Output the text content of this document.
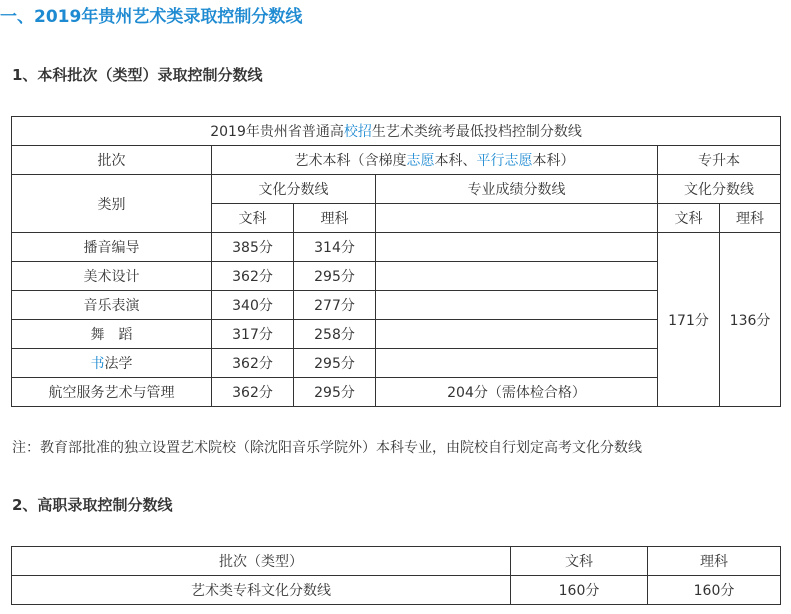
一、2019年贵州艺术类录取控制分数线
1、本科批次（类型）录取控制分数线
2019年贵州省普通高校招生艺术类统考最低投档控制分数线					
批次	艺术本科（含梯度志愿本科、平行志愿本科）			专升本	
类别	文化分数线		专业成绩分数线	文化分数线	
	文科	理科		文科	理科
播音编导	385分	314分		171分	136分
美术设计	362分	295分			
音乐表演	340分	277分			
舞　蹈	317分	258分			
书法学	362分	295分			
航空服务艺术与管理	362分	295分	204分（需体检合格）		
注：教育部批准的独立设置艺术院校（除沈阳音乐学院外）本科专业，由院校自行划定高考文化分数线
2、高职录取控制分数线
批次（类型）	文科	理科
艺术类专科文化分数线	160分	160分
